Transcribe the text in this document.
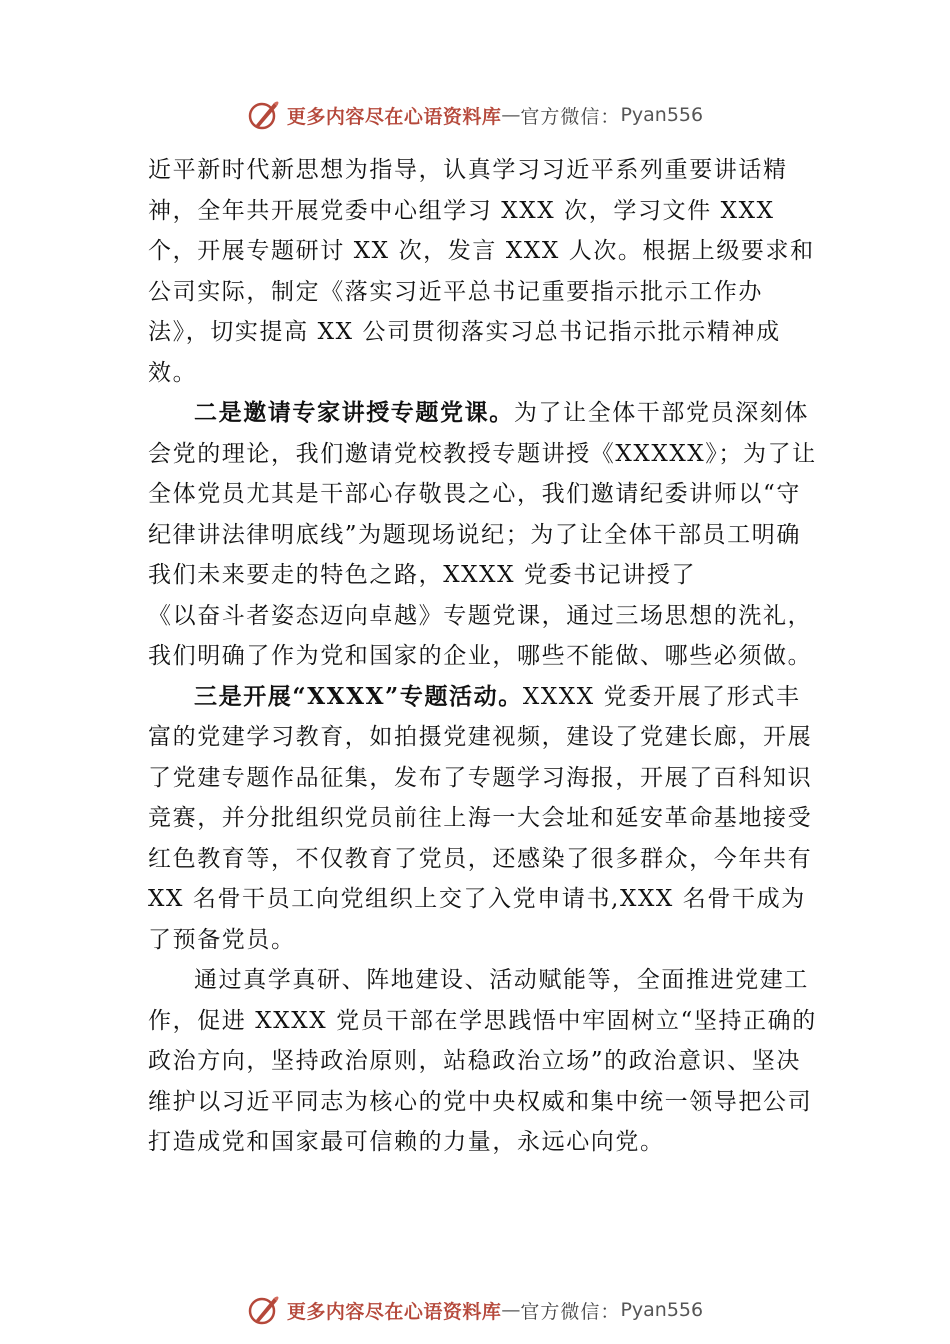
更多内容尽在心语资料库 — 官方微信： Pyan556

近平新时代新思想为指导，认真学习习近平系列重要讲话精神，全年共开展党委中心组学习 XXX 次，学习文件 XXX 个，开展专题研讨 XX 次，发言 XXX 人次。根据上级要求和公司实际，制定《落实习近平总书记重要指示批示工作办法》，切实提高 XX 公司贯彻落实习总书记指示批示精神成效。

二是邀请专家讲授专题党课。为了让全体干部党员深刻体会党的理论，我们邀请党校教授专题讲授《XXXXX》；为了让全体党员尤其是干部心存敬畏之心，我们邀请纪委讲师以“守纪律讲法律明底线”为题现场说纪；为了让全体干部员工明确我们未来要走的特色之路，XXXX 党委书记讲授了

《以奋斗者姿态迈向卓越》专题党课，通过三场思想的洗礼，我们明确了作为党和国家的企业，哪些不能做、哪些必须做。

三是开展“XXXX”专题活动。XXXX 党委开展了形式丰富的党建学习教育，如拍摄党建视频，建设了党建长廊，开展了党建专题作品征集，发布了专题学习海报，开展了百科知识竞赛，并分批组织党员前往上海一大会址和延安革命基地接受红色教育等，不仅教育了党员，还感染了很多群众，今年共有 XX 名骨干员工向党组织上交了入党申请书,XXX 名骨干成为了预备党员。

通过真学真研、阵地建设、活动赋能等，全面推进党建工作，促进 XXXX 党员干部在学思践悟中牢固树立“坚持正确的政治方向，坚持政治原则，站稳政治立场”的政治意识、坚决维护以习近平同志为核心的党中央权威和集中统一领导把公司打造成党和国家最可信赖的力量，永远心向党。

更多内容尽在心语资料库 — 官方微信： Pyan556
